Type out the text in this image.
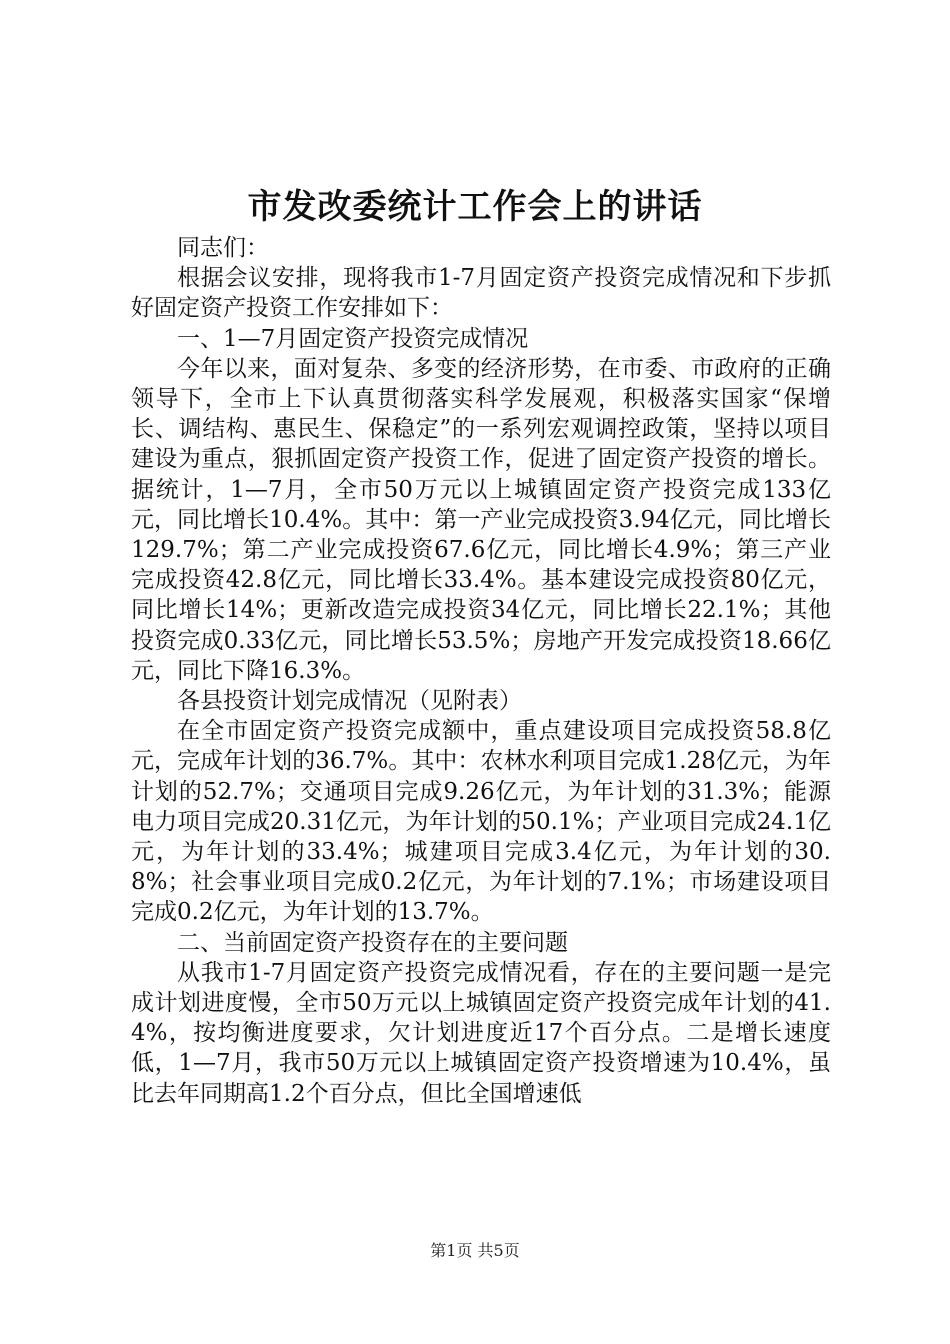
市发改委统计工作会上的讲话

同志们：

根据会议安排，现将我市1-7月固定资产投资完成情况和下步抓好固定资产投资工作安排如下：

一、1—7月固定资产投资完成情况

今年以来，面对复杂、多变的经济形势，在市委、市政府的正确领导下，全市上下认真贯彻落实科学发展观，积极落实国家“保增长、调结构、惠民生、保稳定”的一系列宏观调控政策，坚持以项目建设为重点，狠抓固定资产投资工作，促进了固定资产投资的增长。据统计，1—7月，全市50万元以上城镇固定资产投资完成133亿元，同比增长10.4%。其中：第一产业完成投资3.94亿元，同比增长129.7%；第二产业完成投资67.6亿元，同比增长4.9%；第三产业完成投资42.8亿元，同比增长33.4%。基本建设完成投资80亿元，同比增长14%；更新改造完成投资34亿元，同比增长22.1%；其他投资完成0.33亿元，同比增长53.5%；房地产开发完成投资18.66亿元，同比下降16.3%。

各县投资计划完成情况（见附表）

在全市固定资产投资完成额中，重点建设项目完成投资58.8亿元，完成年计划的36.7%。其中：农林水利项目完成1.28亿元，为年计划的52.7%；交通项目完成9.26亿元，为年计划的31.3%；能源电力项目完成20.31亿元，为年计划的50.1%；产业项目完成24.1亿元，为年计划的33.4%；城建项目完成3.4亿元，为年计划的30.8%；社会事业项目完成0.2亿元，为年计划的7.1%；市场建设项目完成0.2亿元，为年计划的13.7%。

二、当前固定资产投资存在的主要问题

从我市1-7月固定资产投资完成情况看，存在的主要问题一是完成计划进度慢，全市50万元以上城镇固定资产投资完成年计划的41.4%，按均衡进度要求，欠计划进度近17个百分点。二是增长速度低，1—7月，我市50万元以上城镇固定资产投资增速为10.4%，虽比去年同期高1.2个百分点，但比全国增速低

第1页 共5页
